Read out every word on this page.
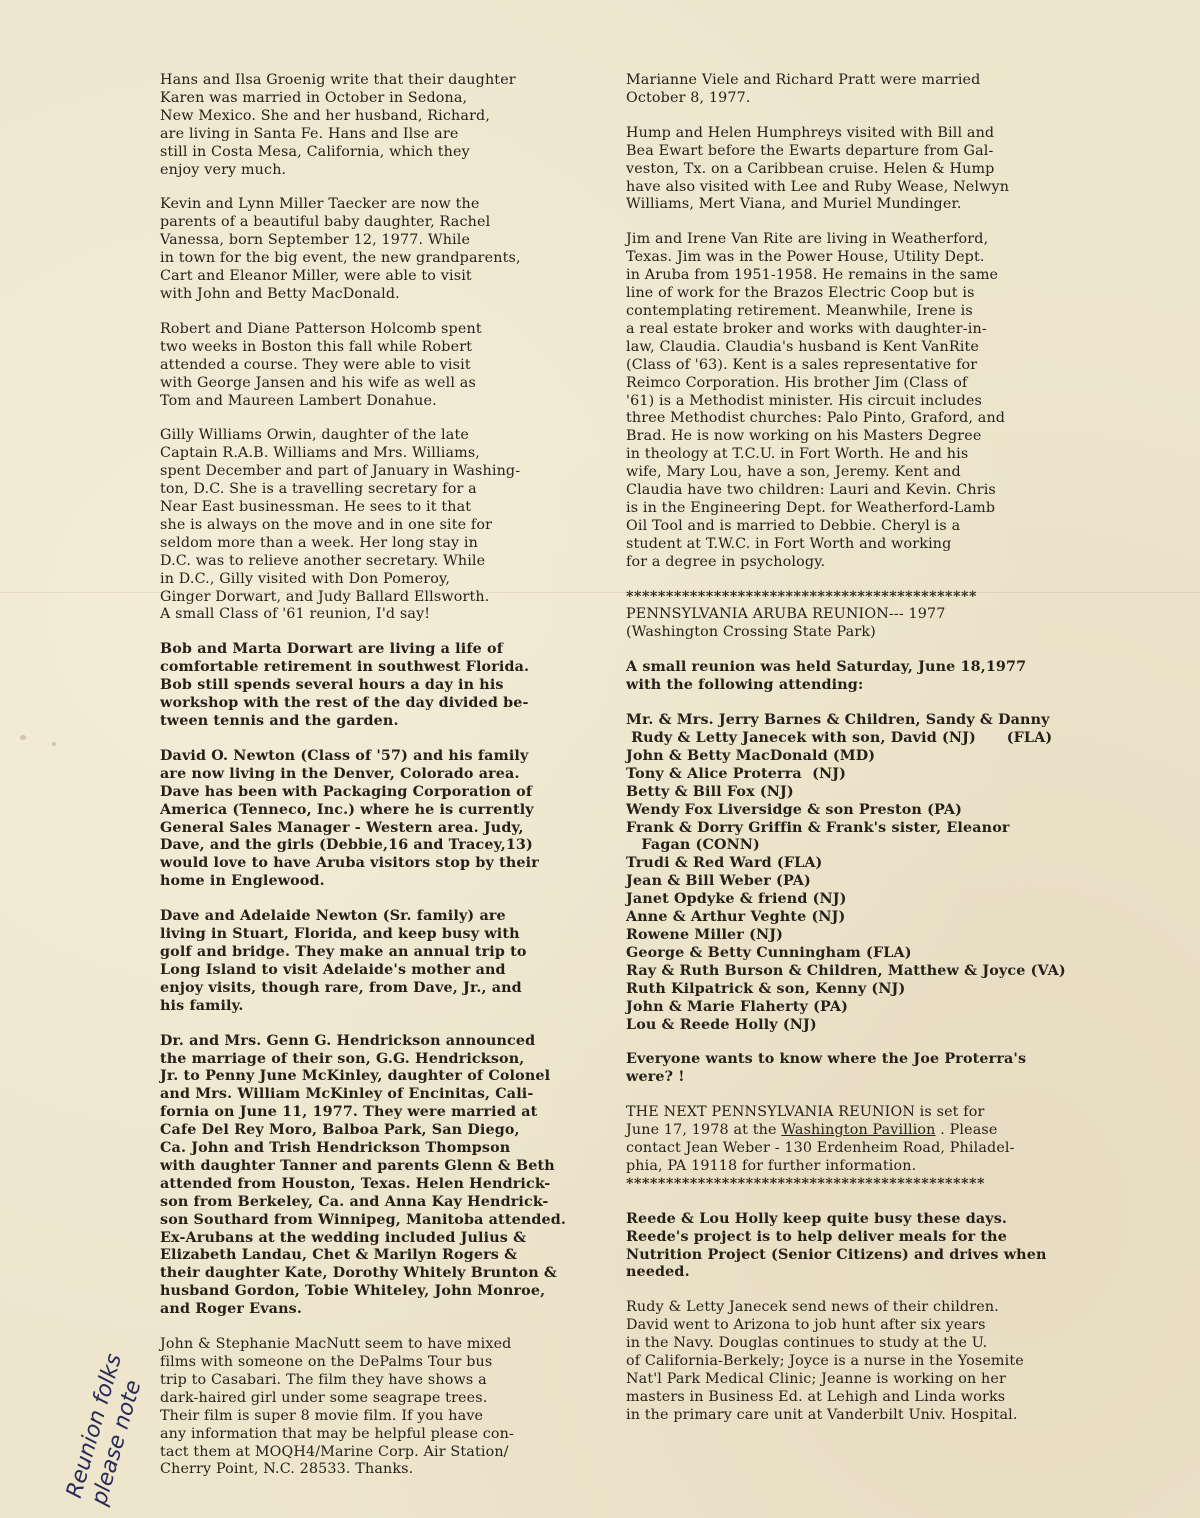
Hans and Ilsa Groenig write that their daughter
Karen was married in October in Sedona,
New Mexico. She and her husband, Richard,
are living in Santa Fe. Hans and Ilse are
still in Costa Mesa, California, which they
enjoy very much.

Kevin and Lynn Miller Taecker are now the
parents of a beautiful baby daughter, Rachel
Vanessa, born September 12, 1977. While
in town for the big event, the new grandparents,
Cart and Eleanor Miller, were able to visit
with John and Betty MacDonald.

Robert and Diane Patterson Holcomb spent
two weeks in Boston this fall while Robert
attended a course. They were able to visit
with George Jansen and his wife as well as
Tom and Maureen Lambert Donahue.

Gilly Williams Orwin, daughter of the late
Captain R.A.B. Williams and Mrs. Williams,
spent December and part of January in Washing-
ton, D.C. She is a travelling secretary for a
Near East businessman. He sees to it that
she is always on the move and in one site for
seldom more than a week. Her long stay in
D.C. was to relieve another secretary. While
in D.C., Gilly visited with Don Pomeroy,
Ginger Dorwart, and Judy Ballard Ellsworth.
A small Class of '61 reunion, I'd say!

Bob and Marta Dorwart are living a life of
comfortable retirement in southwest Florida.
Bob still spends several hours a day in his
workshop with the rest of the day divided be-
tween tennis and the garden.

David O. Newton (Class of '57) and his family
are now living in the Denver, Colorado area.
Dave has been with Packaging Corporation of
America (Tenneco, Inc.) where he is currently
General Sales Manager - Western area. Judy,
Dave, and the girls (Debbie,16 and Tracey,13)
would love to have Aruba visitors stop by their
home in Englewood.

Dave and Adelaide Newton (Sr. family) are
living in Stuart, Florida, and keep busy with
golf and bridge. They make an annual trip to
Long Island to visit Adelaide's mother and
enjoy visits, though rare, from Dave, Jr., and
his family.

Dr. and Mrs. Genn G. Hendrickson announced
the marriage of their son, G.G. Hendrickson,
Jr. to Penny June McKinley, daughter of Colonel
and Mrs. William McKinley of Encinitas, Cali-
fornia on June 11, 1977. They were married at
Cafe Del Rey Moro, Balboa Park, San Diego,
Ca. John and Trish Hendrickson Thompson
with daughter Tanner and parents Glenn & Beth
attended from Houston, Texas. Helen Hendrick-
son from Berkeley, Ca. and Anna Kay Hendrick-
son Southard from Winnipeg, Manitoba attended.
Ex-Arubans at the wedding included Julius &
Elizabeth Landau, Chet & Marilyn Rogers &
their daughter Kate, Dorothy Whitely Brunton &
husband Gordon, Tobie Whiteley, John Monroe,
and Roger Evans.

John & Stephanie MacNutt seem to have mixed
films with someone on the DePalms Tour bus
trip to Casabari. The film they have shows a
dark-haired girl under some seagrape trees.
Their film is super 8 movie film. If you have
any information that may be helpful please con-
tact them at MOQH4/Marine Corp. Air Station/
Cherry Point, N.C. 28533. Thanks.

Marianne Viele and Richard Pratt were married
October 8, 1977.

Hump and Helen Humphreys visited with Bill and
Bea Ewart before the Ewarts departure from Gal-
veston, Tx. on a Caribbean cruise. Helen & Hump
have also visited with Lee and Ruby Wease, Nelwyn
Williams, Mert Viana, and Muriel Mundinger.

Jim and Irene Van Rite are living in Weatherford,
Texas. Jim was in the Power House, Utility Dept.
in Aruba from 1951-1958. He remains in the same
line of work for the Brazos Electric Coop but is
contemplating retirement. Meanwhile, Irene is
a real estate broker and works with daughter-in-
law, Claudia. Claudia's husband is Kent VanRite
(Class of '63). Kent is a sales representative for
Reimco Corporation. His brother Jim (Class of
'61) is a Methodist minister. His circuit includes
three Methodist churches: Palo Pinto, Graford, and
Brad. He is now working on his Masters Degree
in theology at T.C.U. in Fort Worth. He and his
wife, Mary Lou, have a son, Jeremy. Kent and
Claudia have two children: Lauri and Kevin. Chris
is in the Engineering Dept. for Weatherford-Lamb
Oil Tool and is married to Debbie. Cheryl is a
student at T.W.C. in Fort Worth and working
for a degree in psychology.

********************************************

PENNSYLVANIA ARUBA REUNION--- 1977

(Washington Crossing State Park)

A small reunion was held Saturday, June 18,1977
with the following attending:

Mr. & Mrs. Jerry Barnes & Children, Sandy & Danny
Rudy & Letty Janecek with son, David (NJ)      (FLA)
John & Betty MacDonald (MD)
Tony & Alice Proterra  (NJ)
Betty & Bill Fox (NJ)
Wendy Fox Liversidge & son Preston (PA)
Frank & Dorry Griffin & Frank's sister, Eleanor
Fagan (CONN)
Trudi & Red Ward (FLA)
Jean & Bill Weber (PA)
Janet Opdyke & friend (NJ)
Anne & Arthur Veghte (NJ)
Rowene Miller (NJ)
George & Betty Cunningham (FLA)
Ray & Ruth Burson & Children, Matthew & Joyce (VA)
Ruth Kilpatrick & son, Kenny (NJ)
John & Marie Flaherty (PA)
Lou & Reede Holly (NJ)

Everyone wants to know where the Joe Proterra's
were? !

THE NEXT PENNSYLVANIA REUNION is set for
June 17, 1978 at the Washington Pavillion . Please
contact Jean Weber - 130 Erdenheim Road, Philadel-
phia, PA 19118 for further information.

*********************************************

Reede & Lou Holly keep quite busy these days.
Reede's project is to help deliver meals for the
Nutrition Project (Senior Citizens) and drives when
needed.

Rudy & Letty Janecek send news of their children.
David went to Arizona to job hunt after six years
in the Navy. Douglas continues to study at the U.
of California-Berkely; Joyce is a nurse in the Yosemite
Nat'l Park Medical Clinic; Jeanne is working on her
masters in Business Ed. at Lehigh and Linda works
in the primary care unit at Vanderbilt Univ. Hospital.

Reunion folks
please note
